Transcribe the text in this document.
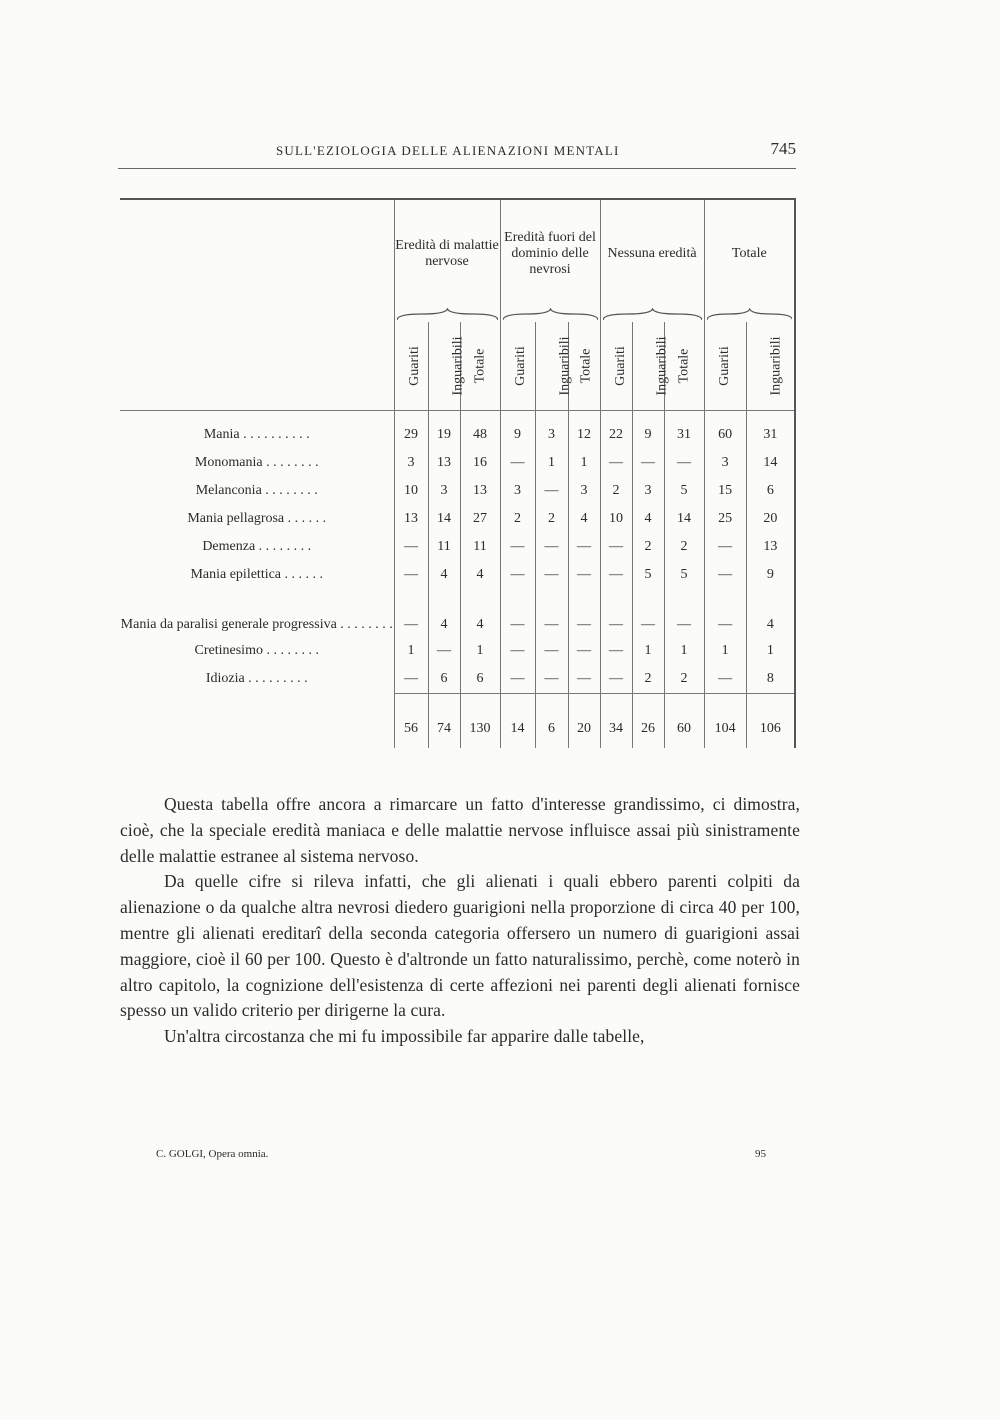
SULL'EZIOLOGIA DELLE ALIENAZIONI MENTALI	745
	Eredità di malattie nervose			Eredità fuori del dominio delle nevrosi			Nessuna eredità			Totale	

	Guariti	Inguaribili	Totale	Guariti	Inguaribili	Totale	Guariti	Inguaribili	Totale	Guariti	Inguaribili
Mania . . . . . . . . . .	29	19	48	9	3	12	22	9	31	60	31
Monomania . . . . . . . .	3	13	16	—	1	1	—	—	—	3	14
Melanconia . . . . . . . .	10	3	13	3	—	3	2	3	5	15	6
Mania pellagrosa . . . . . .	13	14	27	2	2	4	10	4	14	25	20
Demenza . . . . . . . .	—	11	11	—	—	—	—	2	2	—	13
Mania epilettica . . . . . .	—	4	4	—	—	—	—	5	5	—	9
Mania da paralisi generale progressiva . . . . . . . .	—	4	4	—	—	—	—	—	—	—	4
Cretinesimo . . . . . . . .	1	—	1	—	—	—	—	1	1	1	1
Idiozia . . . . . . . . .	—	6	6	—	—	—	—	2	2	—	8
	56	74	130	14	6	20	34	26	60	104	106

Questa tabella offre ancora a rimarcare un fatto d'interesse grandissimo, ci dimostra, cioè, che la speciale eredità maniaca e delle malattie nervose influisce assai più sinistramente delle malattie estranee al sistema nervoso.

Da quelle cifre si rileva infatti, che gli alienati i quali ebbero parenti colpiti da alienazione o da qualche altra nevrosi diedero guarigioni nella proporzione di circa 40 per 100, mentre gli alienati ereditarî della seconda categoria offersero un numero di guarigioni assai maggiore, cioè il 60 per 100. Questo è d'altronde un fatto naturalissimo, perchè, come noterò in altro capitolo, la cognizione dell'esistenza di certe affezioni nei parenti degli alienati fornisce spesso un valido criterio per dirigerne la cura.

Un'altra circostanza che mi fu impossibile far apparire dalle tabelle,

C. GOLGI, Opera omnia.	95
